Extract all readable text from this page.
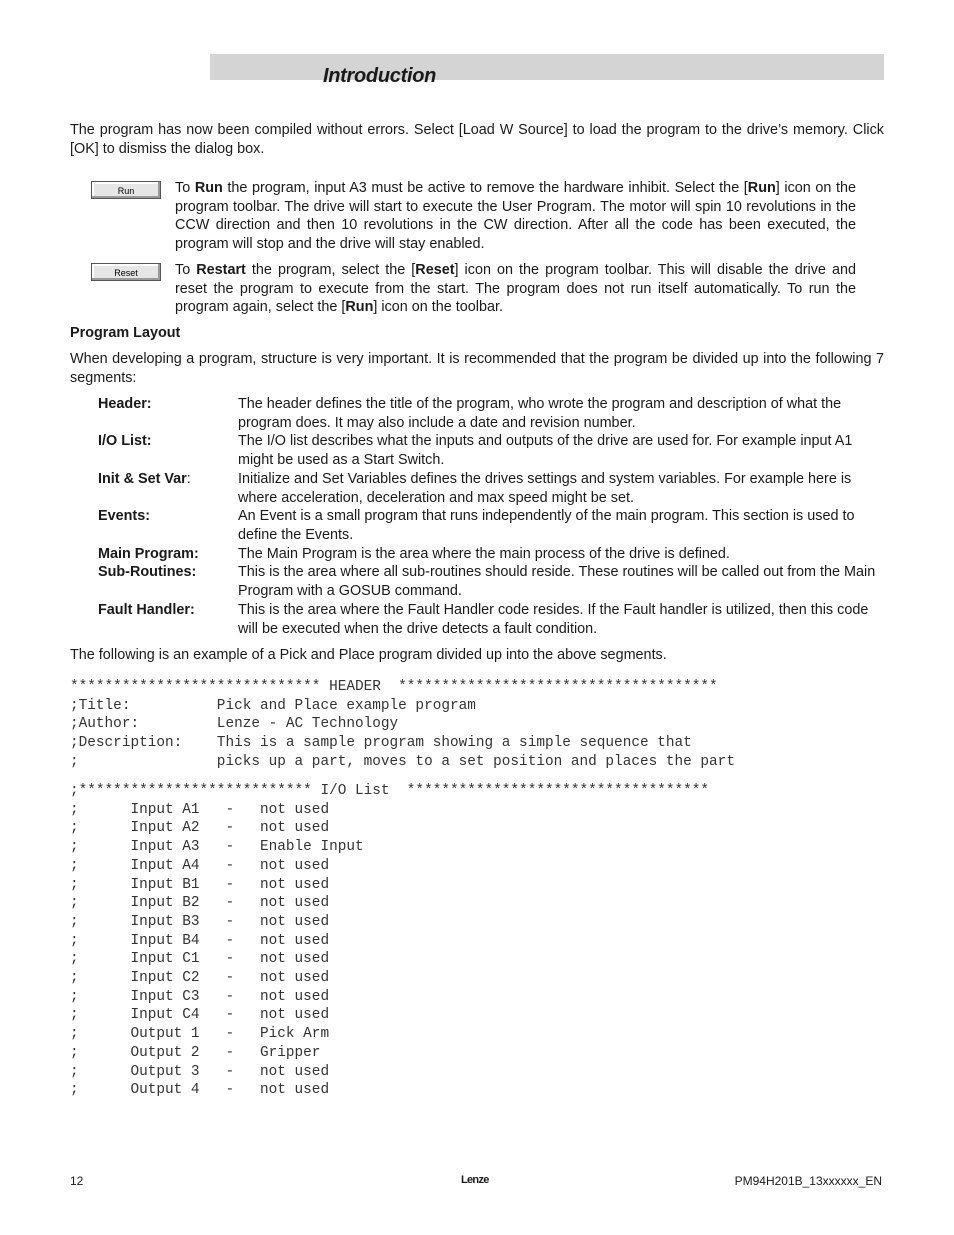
Introduction

The program has now been compiled without errors. Select [Load W Source] to load the program to the drive’s memory. Click [OK] to dismiss the dialog box.

Run	To Run the program, input A3 must be active to remove the hardware inhibit. Select the [Run] icon on the program toolbar. The drive will start to execute the User Program. The motor will spin 10 revolutions in the CCW direction and then 10 revolutions in the CW direction. After all the code has been executed, the program will stop and the drive will stay enabled.

Reset	To Restart the program, select the [Reset] icon on the program toolbar. This will disable the drive and reset the program to execute from the start. The program does not run itself automatically. To run the program again, select the [Run] icon on the toolbar.

Program Layout

When developing a program, structure is very important. It is recommended that the program be divided up into the following 7 segments:

Header:	The header defines the title of the program, who wrote the program and description of what the program does. It may also include a date and revision number.
I/O List:	The I/O list describes what the inputs and outputs of the drive are used for. For example input A1 might be used as a Start Switch.
Init & Set Var:	Initialize and Set Variables defines the drives settings and system variables. For example here is where acceleration, deceleration and max speed might be set.
Events:	An Event is a small program that runs independently of the main program. This section is used to define the Events.
Main Program:	The Main Program is the area where the main process of the drive is defined.
Sub-Routines:	This is the area where all sub-routines should reside. These routines will be called out from the Main Program with a GOSUB command.
Fault Handler:	This is the area where the Fault Handler code resides. If the Fault handler is utilized, then this code will be executed when the drive detects a fault condition.

The following is an example of a Pick and Place program divided up into the above segments.

***************************** HEADER  *************************************
;Title:          Pick and Place example program
;Author:         Lenze - AC Technology
;Description:    This is a sample program showing a simple sequence that
;                picks up a part, moves to a set position and places the part
;*************************** I/O List  ***********************************
;      Input A1   -   not used
;      Input A2   -   not used
;      Input A3   -   Enable Input
;      Input A4   -   not used
;      Input B1   -   not used
;      Input B2   -   not used
;      Input B3   -   not used
;      Input B4   -   not used
;      Input C1   -   not used
;      Input C2   -   not used
;      Input C3   -   not used
;      Input C4   -   not used
;      Output 1   -   Pick Arm
;      Output 2   -   Gripper
;      Output 3   -   not used
;      Output 4   -   not used
12	Lenze	PM94H201B_13xxxxxx_EN
